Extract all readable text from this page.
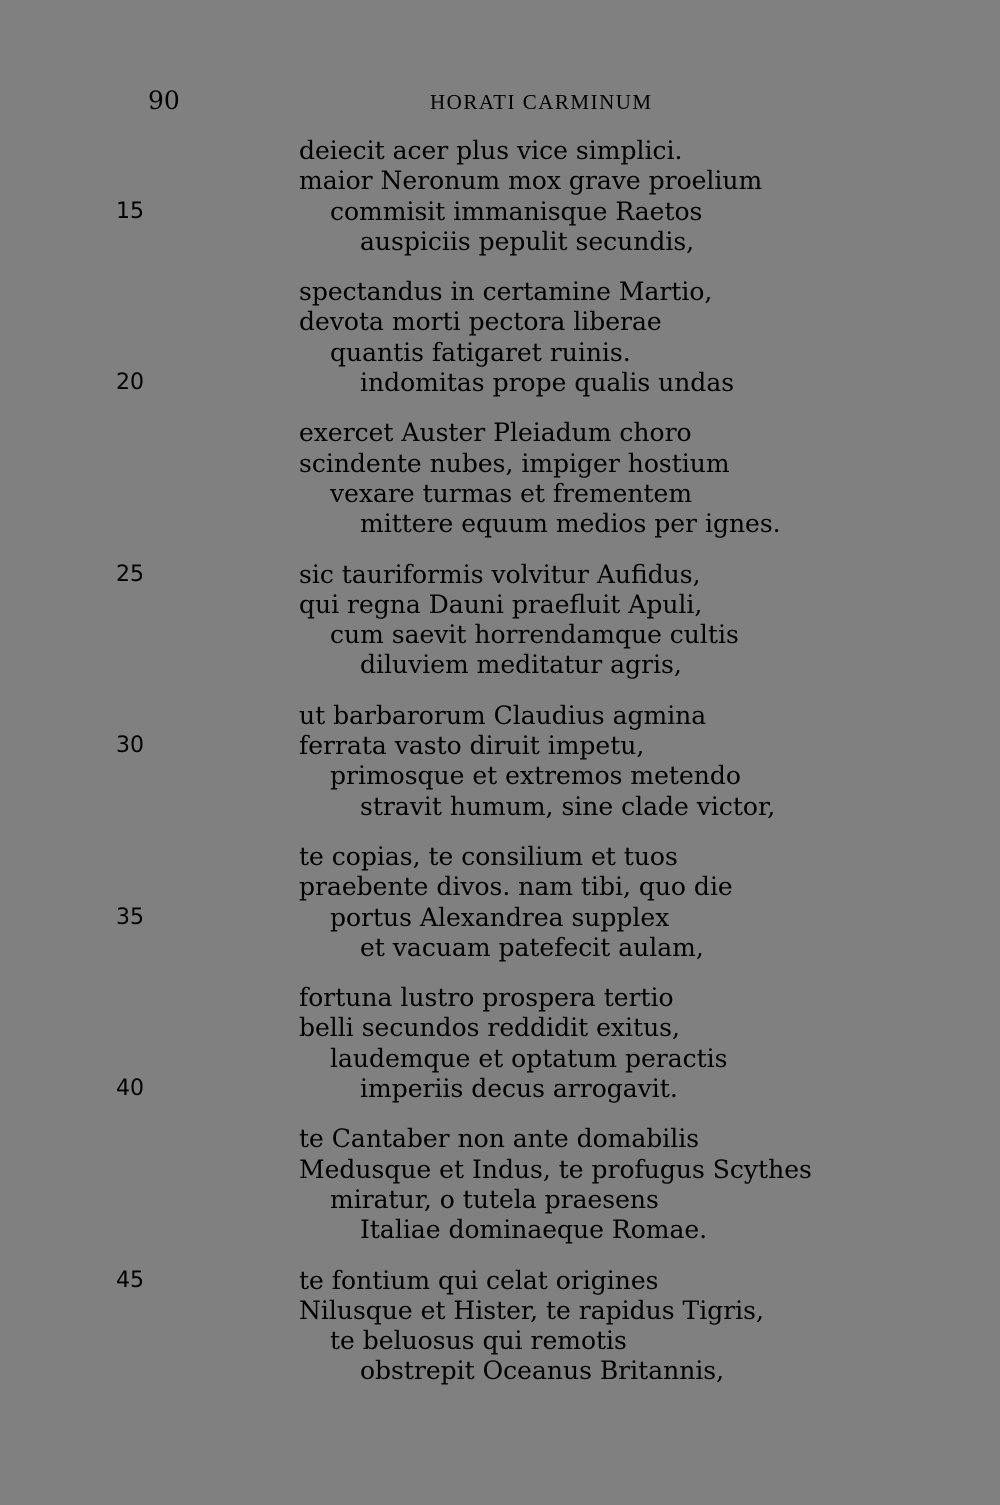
90	HORATI CARMINUM
deiecit acer plus vice simplici.
maior Neronum mox grave proelium
15	commisit immanisque Raetos
auspiciis pepulit secundis,
spectandus in certamine Martio,
devota morti pectora liberae
quantis fatigaret ruinis.
20	indomitas prope qualis undas
exercet Auster Pleiadum choro
scindente nubes, impiger hostium
vexare turmas et frementem
mittere equum medios per ignes.
25	sic tauriformis volvitur Aufidus,
qui regna Dauni praefluit Apuli,
cum saevit horrendamque cultis
diluviem meditatur agris,
ut barbarorum Claudius agmina
30	ferrata vasto diruit impetu,
primosque et extremos metendo
stravit humum, sine clade victor,
te copias, te consilium et tuos
praebente divos. nam tibi, quo die
35	portus Alexandrea supplex
et vacuam patefecit aulam,
fortuna lustro prospera tertio
belli secundos reddidit exitus,
laudemque et optatum peractis
40	imperiis decus arrogavit.
te Cantaber non ante domabilis
Medusque et Indus, te profugus Scythes
miratur, o tutela praesens
Italiae dominaeque Romae.
45	te fontium qui celat origines
Nilusque et Hister, te rapidus Tigris,
te beluosus qui remotis
obstrepit Oceanus Britannis,
